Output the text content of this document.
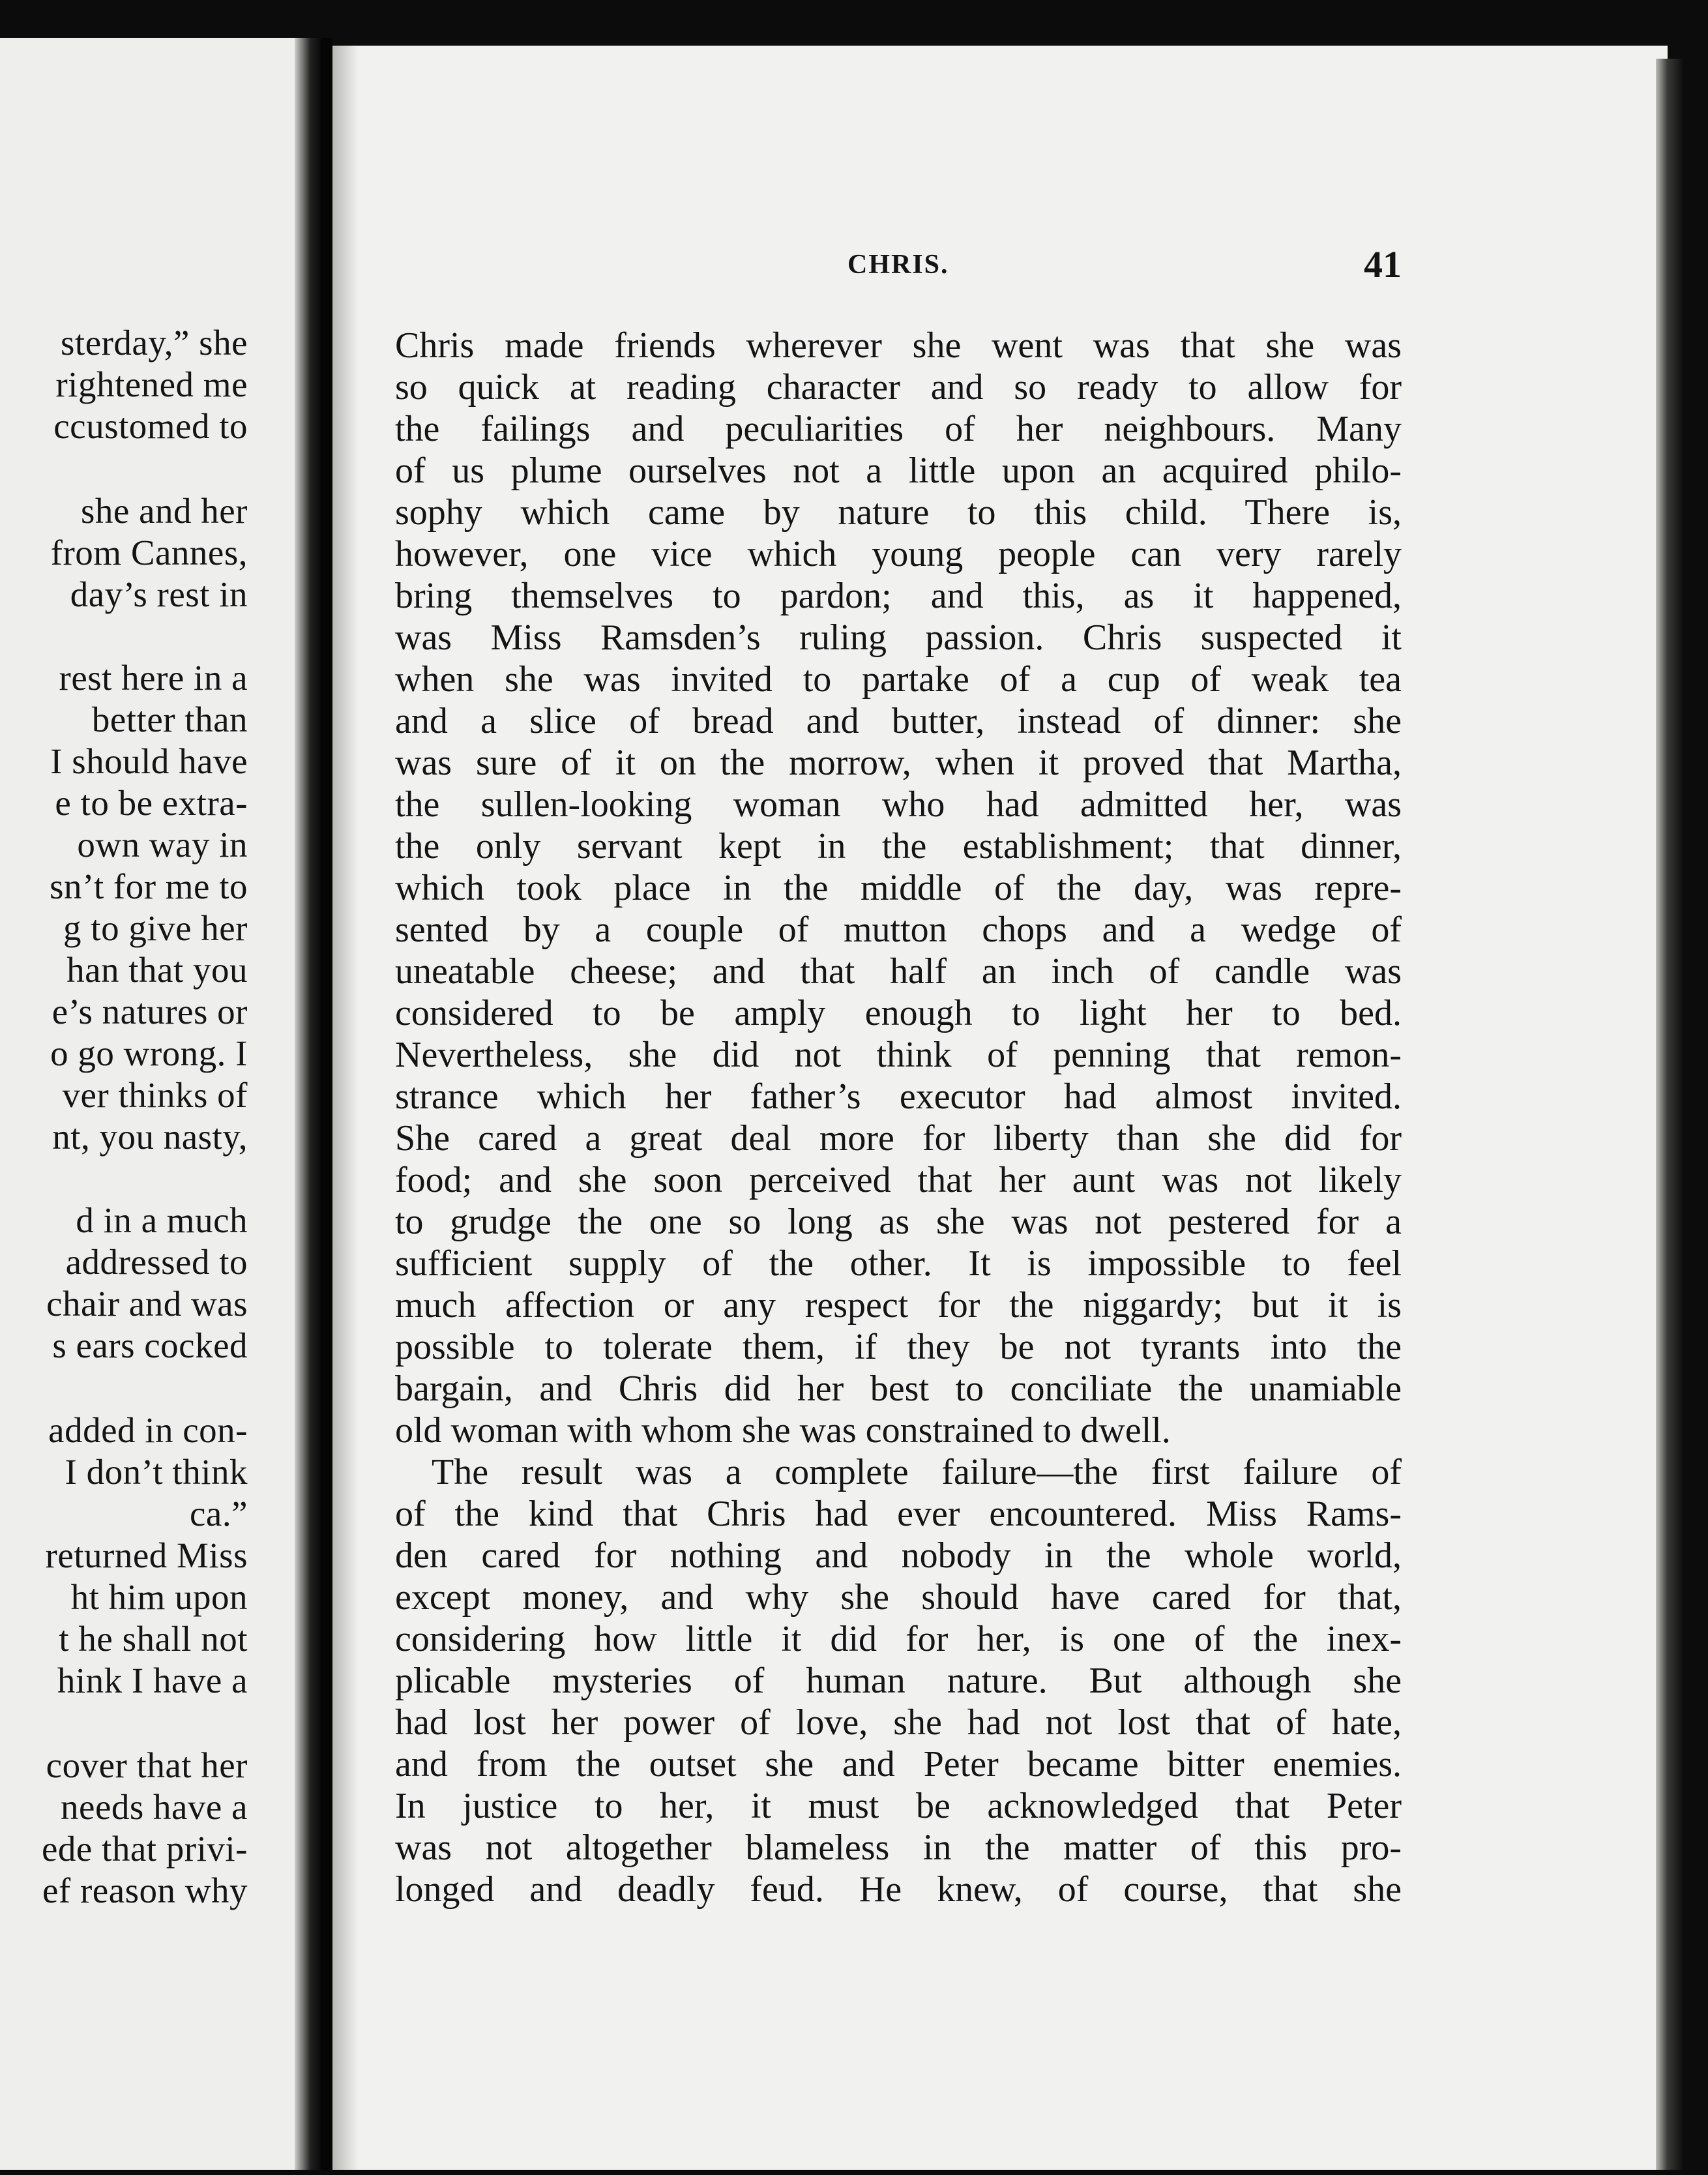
sterday,” she
rightened me
ccustomed to
she and her
from Cannes,
day’s rest in
rest here in a
better than
I should have
e to be extra-
own way in
sn’t for me to
g to give her
han that you
e’s natures or
o go wrong. I
ver thinks of
nt, you nasty,
d in a much
addressed to
chair and was
s ears cocked
added in con-
I don’t think
ca.”
returned Miss
ht him upon
t he shall not
hink I have a
cover that her
needs have a
ede that privi-
ef reason why
CHRIS.	41
Chris made friends wherever she went was that she was
so quick at reading character and so ready to allow for
the failings and peculiarities of her neighbours. Many
of us plume ourselves not a little upon an acquired philo-
sophy which came by nature to this child. There is,
however, one vice which young people can very rarely
bring themselves to pardon; and this, as it happened,
was Miss Ramsden’s ruling passion. Chris suspected it
when she was invited to partake of a cup of weak tea
and a slice of bread and butter, instead of dinner: she
was sure of it on the morrow, when it proved that Martha,
the sullen-looking woman who had admitted her, was
the only servant kept in the establishment; that dinner,
which took place in the middle of the day, was repre-
sented by a couple of mutton chops and a wedge of
uneatable cheese; and that half an inch of candle was
considered to be amply enough to light her to bed.
Nevertheless, she did not think of penning that remon-
strance which her father’s executor had almost invited.
She cared a great deal more for liberty than she did for
food; and she soon perceived that her aunt was not likely
to grudge the one so long as she was not pestered for a
sufficient supply of the other. It is impossible to feel
much affection or any respect for the niggardy; but it is
possible to tolerate them, if they be not tyrants into the
bargain, and Chris did her best to conciliate the unamiable
old woman with whom she was constrained to dwell.
The result was a complete failure—the first failure of
of the kind that Chris had ever encountered. Miss Rams-
den cared for nothing and nobody in the whole world,
except money, and why she should have cared for that,
considering how little it did for her, is one of the inex-
plicable mysteries of human nature. But although she
had lost her power of love, she had not lost that of hate,
and from the outset she and Peter became bitter enemies.
In justice to her, it must be acknowledged that Peter
was not altogether blameless in the matter of this pro-
longed and deadly feud. He knew, of course, that she
